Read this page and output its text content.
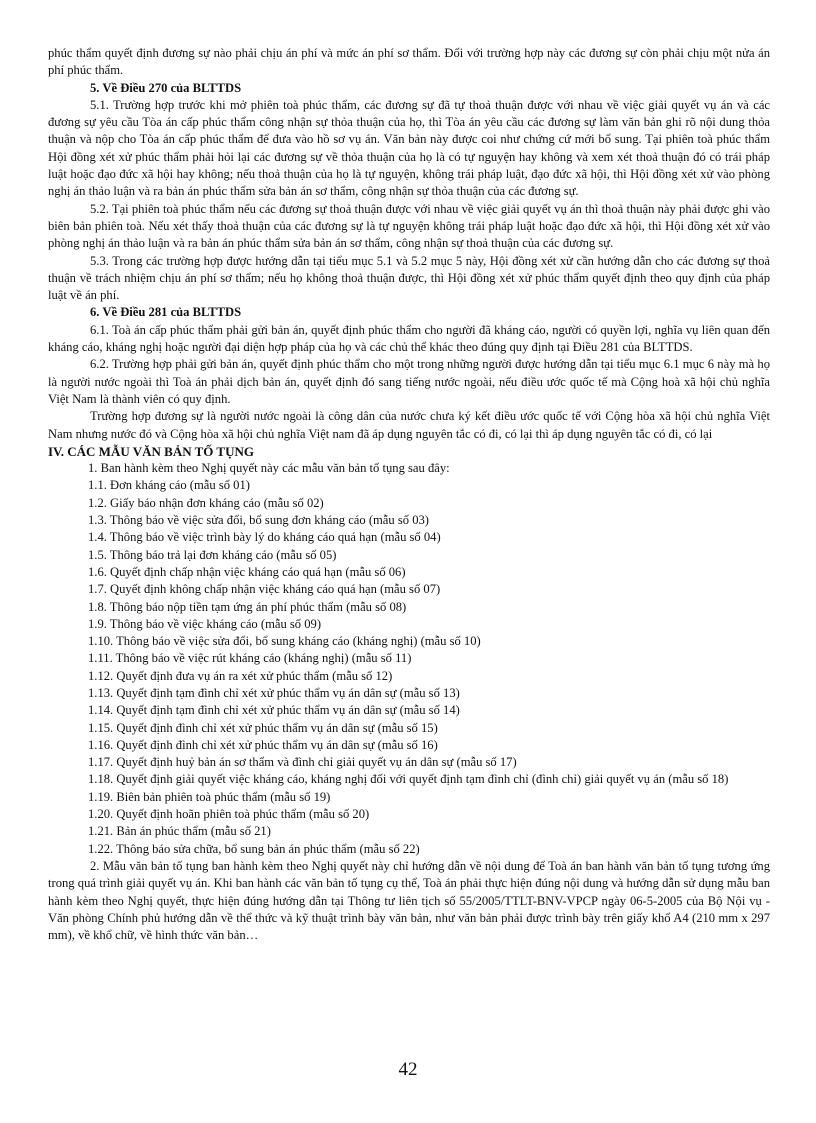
phúc thẩm quyết định đương sự nào phải chịu án phí và mức án phí sơ thẩm. Đối với trường hợp này các đương sự còn phải chịu một nửa án phí phúc thẩm.

5. Về Điều 270 của BLTTDS

5.1. Trường hợp trước khi mở phiên toà phúc thẩm, các đương sự đã tự thoả thuận được với nhau về việc giải quyết vụ án và các đương sự yêu cầu Tòa án cấp phúc thẩm công nhận sự thỏa thuận của họ, thì Tòa án yêu cầu các đương sự làm văn bản ghi rõ nội dung thỏa thuận và nộp cho Tòa án cấp phúc thẩm để đưa vào hồ sơ vụ án. Văn bản này được coi như chứng cứ mới bổ sung. Tại phiên toà phúc thẩm Hội đồng xét xử phúc thẩm phải hỏi lại các đương sự về thỏa thuận của họ là có tự nguyện hay không và xem xét thoả thuận đó có trái pháp luật hoặc đạo đức xã hội hay không; nếu thoả thuận của họ là tự nguyện, không trái pháp luật, đạo đức xã hội, thì Hội đồng xét xử vào phòng nghị án thảo luận và ra bản án phúc thẩm sửa bản án sơ thẩm, công nhận sự thỏa thuận của các đương sự.

5.2. Tại phiên toà phúc thẩm nếu các đương sự thoả thuận được với nhau về việc giải quyết vụ án thì thoả thuận này phải được ghi vào biên bản phiên toà. Nếu xét thấy thoả thuận của các đương sự là tự nguyện không trái pháp luật hoặc đạo đức xã hội, thì Hội đồng xét xử vào phòng nghị án thảo luận và ra bản án phúc thẩm sửa bản án sơ thẩm, công nhận sự thoả thuận của các đương sự.

5.3. Trong các trường hợp được hướng dẫn tại tiểu mục 5.1 và 5.2 mục 5 này, Hội đồng xét xử cần hướng dẫn cho các đương sự thoả thuận về trách nhiệm chịu án phí sơ thẩm; nếu họ không thoả thuận được, thì Hội đồng xét xử phúc thẩm quyết định theo quy định của pháp luật về án phí.

6. Về Điều 281 của BLTTDS

6.1. Toà án cấp phúc thẩm phải gửi bản án, quyết định phúc thẩm cho người đã kháng cáo, người có quyền lợi, nghĩa vụ liên quan đến kháng cáo, kháng nghị hoặc người đại diện hợp pháp của họ và các chủ thể khác theo đúng quy định tại Điều 281 của BLTTDS.

6.2. Trường hợp phải gửi bản án, quyết định phúc thẩm cho một trong những người được hướng dẫn tại tiểu mục 6.1 mục 6 này mà họ là người nước ngoài thì Toà án phải dịch bản án, quyết định đó sang tiếng nước ngoài, nếu điều ước quốc tế mà Cộng hoà xã hội chủ nghĩa Việt Nam là thành viên có quy định.

Trường hợp đương sự là người nước ngoài là công dân của nước chưa ký kết điều ước quốc tế với Cộng hòa xã hội chủ nghĩa Việt Nam nhưng nước đó và Cộng hòa xã hội chủ nghĩa Việt nam đã áp dụng nguyên tắc có đi, có lại thì áp dụng nguyên tắc có đi, có lại

IV. CÁC MẪU VĂN BẢN TỐ TỤNG

1. Ban hành kèm theo Nghị quyết này các mẫu văn bản tố tụng sau đây:

1.1. Đơn kháng cáo (mẫu số 01)

1.2. Giấy báo nhận đơn kháng cáo (mẫu số 02)

1.3. Thông báo về việc sửa đổi, bổ sung đơn kháng cáo (mẫu số 03)

1.4. Thông báo về việc trình bày lý do kháng cáo quá hạn (mẫu số 04)

1.5. Thông báo trả lại đơn kháng cáo (mẫu số 05)

1.6. Quyết định chấp nhận việc kháng cáo quá hạn (mẫu số 06)

1.7. Quyết định không chấp nhận việc kháng cáo quá hạn (mẫu số 07)

1.8. Thông báo nộp tiền tạm ứng án phí phúc thẩm (mẫu số 08)

1.9. Thông báo về việc kháng cáo (mẫu số 09)

1.10. Thông báo về việc sửa đổi, bổ sung kháng cáo (kháng nghị) (mẫu số 10)

1.11. Thông báo về việc rút kháng cáo (kháng nghị) (mẫu số 11)

1.12. Quyết định đưa vụ án ra xét xử phúc thẩm (mẫu số 12)

1.13. Quyết định tạm đình chỉ xét xử phúc thẩm vụ án dân sự (mẫu số 13)

1.14. Quyết định tạm đình chỉ xét xử phúc thẩm vụ án dân sự (mẫu số 14)

1.15. Quyết định đình chỉ xét xử phúc thẩm vụ án dân sự (mẫu số 15)

1.16. Quyết định đình chỉ xét xử phúc thẩm vụ án dân sự (mẫu số 16)

1.17. Quyết định huỷ bản án sơ thẩm và đình chỉ giải quyết vụ án dân sự (mẫu số 17)

1.18. Quyết định giải quyết việc kháng cáo, kháng nghị đối với quyết định tạm đình chỉ (đình chỉ) giải quyết vụ án (mẫu số 18)

1.19. Biên bản phiên toà phúc thẩm (mẫu số 19)

1.20. Quyết định hoãn phiên toà phúc thẩm (mẫu số 20)

1.21. Bản án phúc thẩm (mẫu số 21)

1.22. Thông báo sửa chữa, bổ sung bản án phúc thẩm (mẫu số 22)

2. Mẫu văn bản tố tụng ban hành kèm theo Nghị quyết này chỉ hướng dẫn về nội dung để Toà án ban hành văn bản tố tụng tương ứng trong quá trình giải quyết vụ án. Khi ban hành các văn bản tố tụng cụ thể, Toà án phải thực hiện đúng nội dung và hướng dẫn sử dụng mẫu ban hành kèm theo Nghị quyết, thực hiện đúng hướng dẫn tại Thông tư liên tịch số 55/2005/TTLT-BNV-VPCP ngày 06-5-2005 của Bộ Nội vụ - Văn phòng Chính phủ hướng dẫn về thể thức và kỹ thuật trình bày văn bản, như văn bản phải được trình bày trên giấy khổ A4 (210 mm x 297 mm), về khổ chữ, về hình thức văn bản…

42
